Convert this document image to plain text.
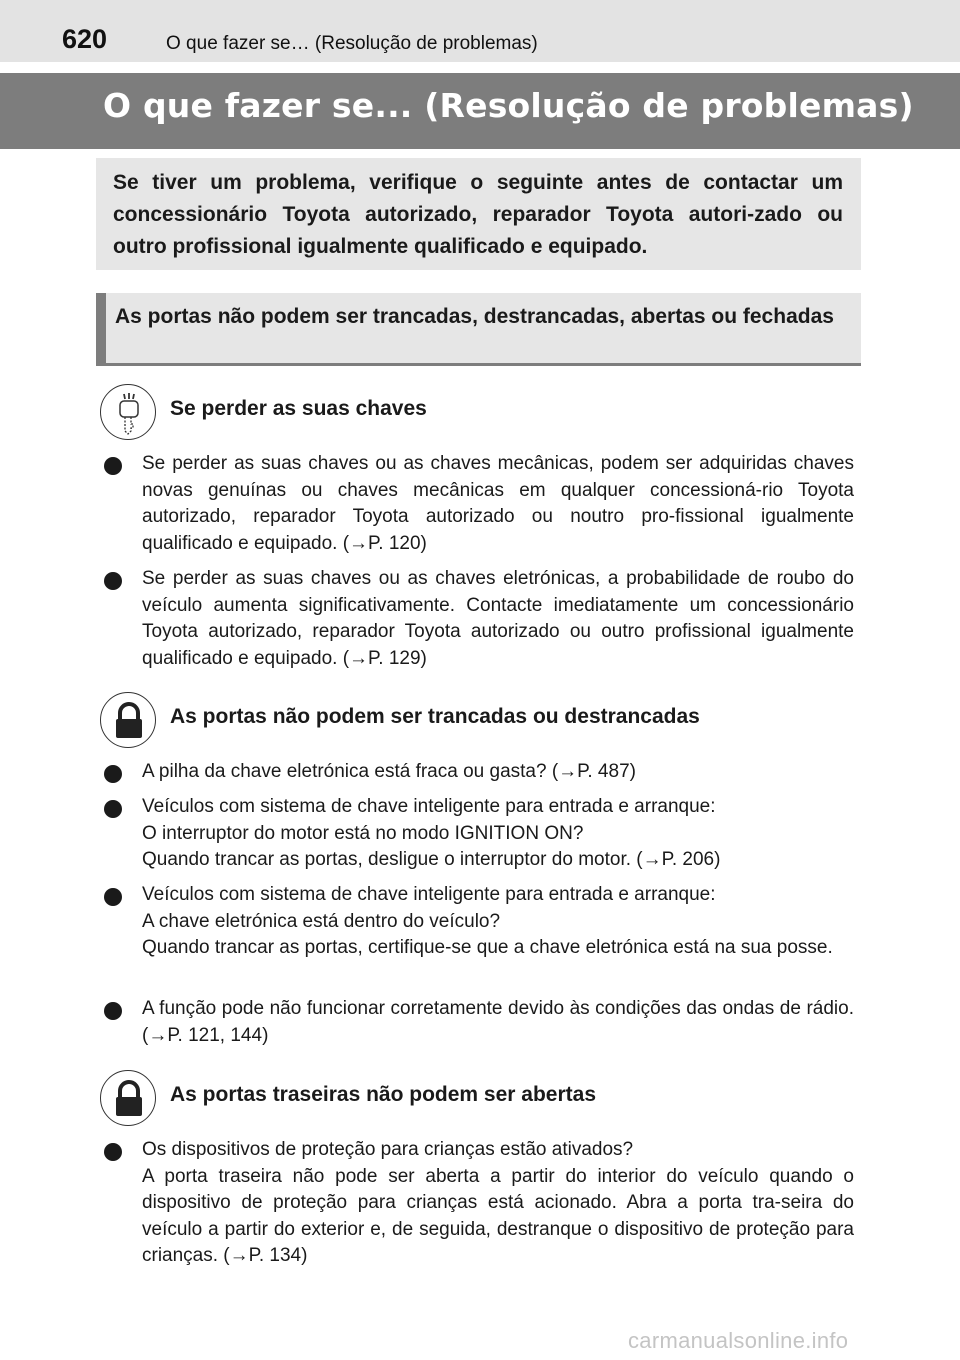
620	O que fazer se… (Resolução de problemas)
O que fazer se... (Resolução de problemas)
Se tiver um problema, verifique o seguinte antes de contactar um concessionário Toyota autorizado, reparador Toyota autori-zado ou outro profissional igualmente qualificado e equipado.
As portas não podem ser trancadas, destrancadas, abertas ou fechadas
Se perder as suas chaves

Se perder as suas chaves ou as chaves mecânicas, podem ser adquiridas chaves novas genuínas ou chaves mecânicas em qualquer concessioná-rio Toyota autorizado, reparador Toyota autorizado ou noutro pro-fissional igualmente qualificado e equipado. (→P. 120)

Se perder as suas chaves ou as chaves eletrónicas, a probabilidade de roubo do veículo aumenta significativamente. Contacte imediatamente um concessionário Toyota autorizado, reparador Toyota autorizado ou outro profissional igualmente qualificado e equipado. (→P. 129)

As portas não podem ser trancadas ou destrancadas

A pilha da chave eletrónica está fraca ou gasta? (→P. 487)

Veículos com sistema de chave inteligente para entrada e arranque:

O interruptor do motor está no modo IGNITION ON?

Quando trancar as portas, desligue o interruptor do motor. (→P. 206)

Veículos com sistema de chave inteligente para entrada e arranque:

A chave eletrónica está dentro do veículo?

Quando trancar as portas, certifique-se que a chave eletrónica está na sua posse.

A função pode não funcionar corretamente devido às condições das ondas de rádio. (→P. 121, 144)

As portas traseiras não podem ser abertas

Os dispositivos de proteção para crianças estão ativados?

A porta traseira não pode ser aberta a partir do interior do veículo quando o dispositivo de proteção para crianças está acionado. Abra a porta tra-seira do veículo a partir do exterior e, de seguida, destranque o dispositivo de proteção para crianças. (→P. 134)

carmanualsonline.info
